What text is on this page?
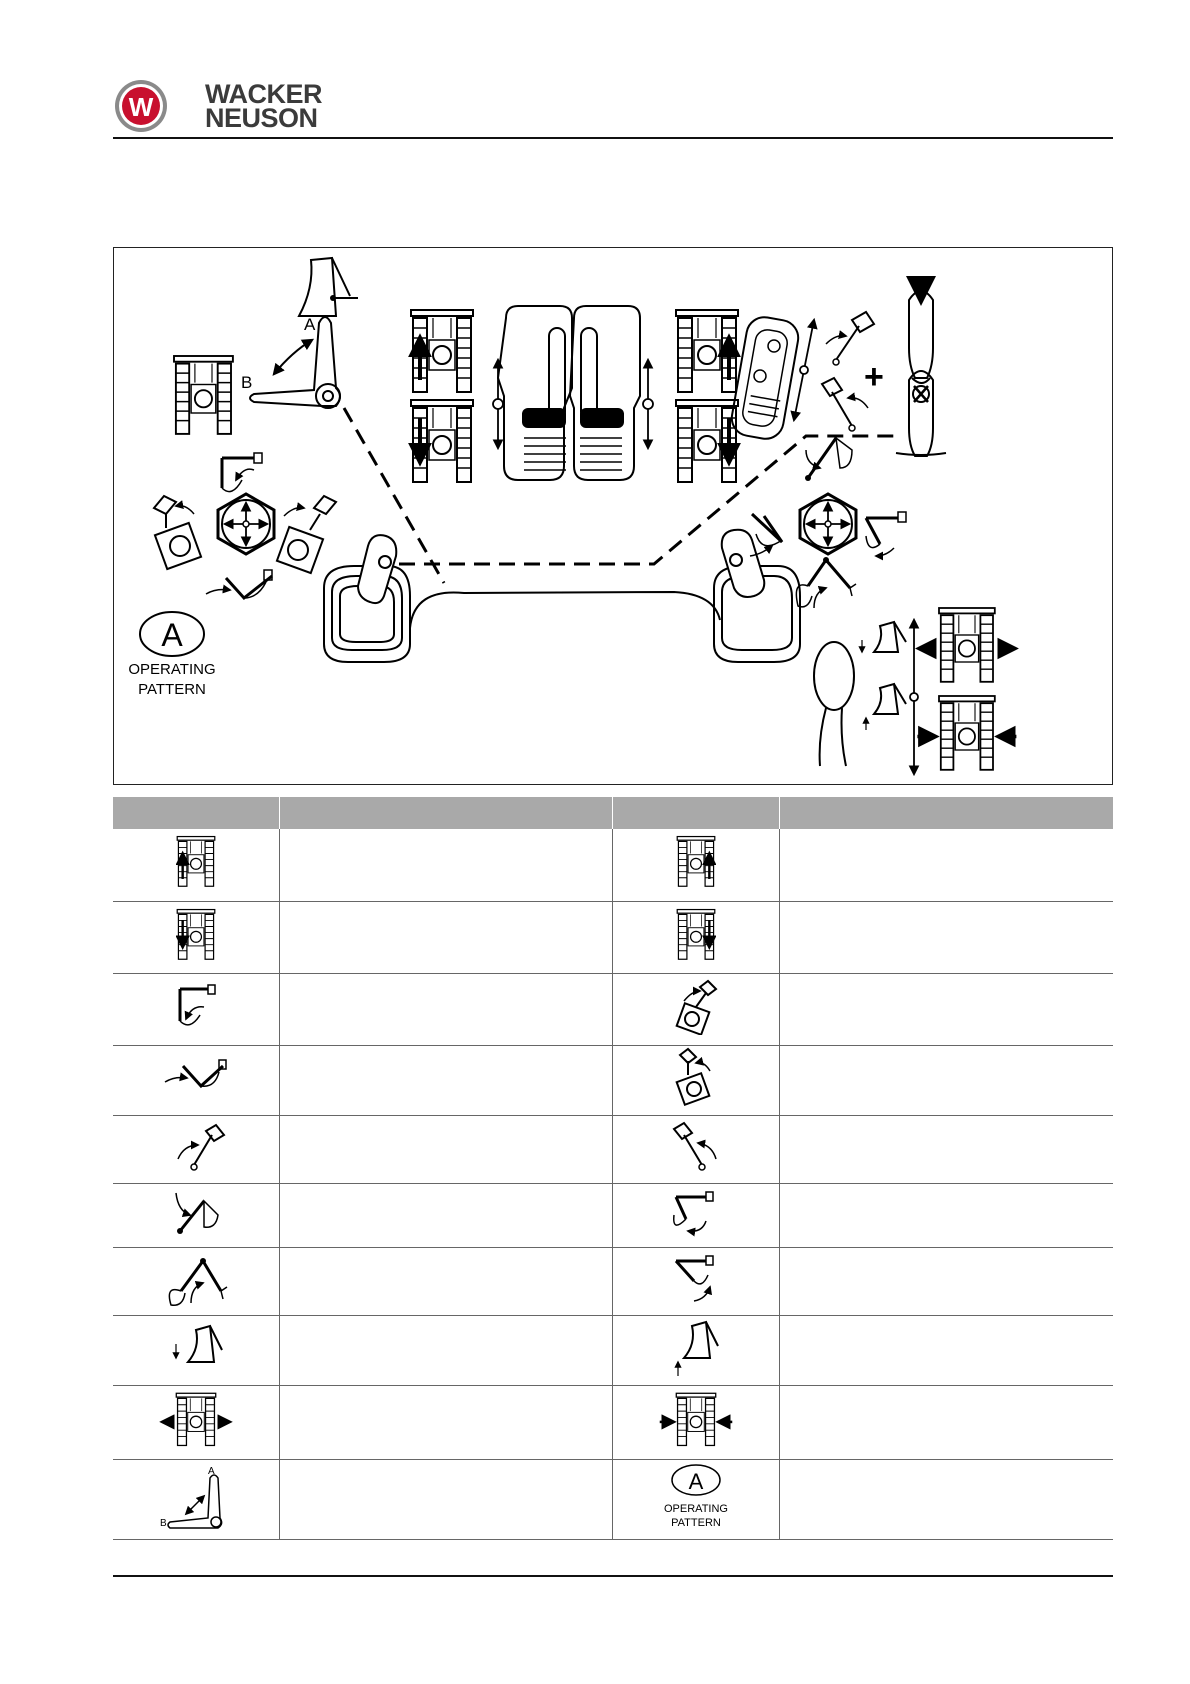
W WACKER
NEUSON
A
B	+
A
OPERATING
PATTERN

A
B		A
OPERATING
PATTERN	
